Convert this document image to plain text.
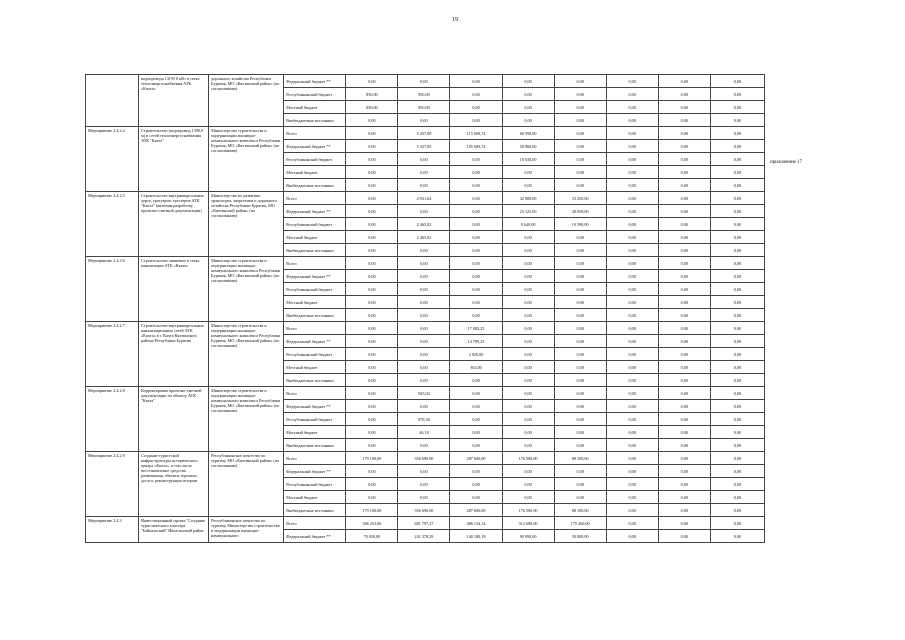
19
приложение 17
	водопровода 13193 0 кВт в сетях теплоэнергоснабжения АТК «Кяхта»	дорожного хозяйства Республики Бурятия, МО «Кяхтинский район» (по согласованию)	Федеральный бюджет **	0,00	0,00	0,00	0,00	0,00	0,00	0,00	0,00
			Республиканский бюджет	850,00	850,00	0,00	0,00	0,00	0,00	0,00	0,00
			Местный бюджет	850,00	850,00	0,00	0,00	0,00	0,00	0,00	0,00
			Внебюджетные источники	0,00	0,00	0,00	0,00	0,00	0,00	0,00	0,00
Мероприятие 2.4.2.4	Строительство (водопровод 1390,0 м) в сетей теплоэнергоснабжения АТК "Кяхта"	Министерство строительства и модернизации жилищно-коммунального комплекса Республики Бурятия, МО «Кяхтинский район» (по согласованию)	Всего	0,00	5 437,00	115 608,74	60 590,00	0,00	0,00	0,00	0,00
			Федеральный бюджет **	0,00	5 437,00	105 609,74	50 960,00	0,00	0,00	0,00	0,00
			Республиканский бюджет	0,00	0,00	0,00	10 630,00	0,00	0,00	0,00	0,00
			Местный бюджет	0,00	0,00	0,00	0,00	0,00	0,00	0,00	0,00
			Внебюджетные источники	0,00	0,00	0,00	0,00	0,00	0,00	0,00	0,00
Мероприятие 2.4.2.5	Строительство внутриквартальных дорог, тротуаров, трестеров АТК "Кяхта" (включая разработку проектно-сметной документации)	Министерство по развитию транспорта, энергетики и дорожного хозяйства Республики Бурятия, МО «Кяхтинский район» (по согласованию)	Всего	0,00	4 931,64	0,00	32 000,00	33 250,00	0,00	0,00	0,00
			Федеральный бюджет **	0,00	0,00	0,00	23 123,00	40 058,00	0,00	0,00	0,00
			Республиканский бюджет	0,00	2 465,82	0,00	9 640,00	10 590,00	0,00	0,00	0,00
			Местный бюджет	0,00	2 465,82	0,00	0,00	0,00	0,00	0,00	0,00
			Внебюджетные источники	0,00	0,00	0,00	0,00	0,00	0,00	0,00	0,00
Мероприятие 2.4.2.6	Строительство ливневых в сетях канализации АТК «Кяхта»	Министерство строительства и модернизации жилищно-коммунального комплекса Республики Бурятия, МО «Кяхтинский район» (по согласованию)	Всего	0,00	0,00	0,00	0,00	0,00	0,00	0,00	0,00
			Федеральный бюджет **	0,00	0,00	0,00	0,00	0,00	0,00	0,00	0,00
			Республиканский бюджет	0,00	0,00	0,00	0,00	0,00	0,00	0,00	0,00
			Местный бюджет	0,00	0,00	0,00	0,00	0,00	0,00	0,00	0,00
			Внебюджетные источники	0,00	0,00	0,00	0,00	0,00	0,00	0,00	0,00
Мероприятие 2.4.2.7	Строительство внутриквартальных канализационных сетей АТК «Кяхта» в г. Кяхта Кяхтинского района Республики Бурятия	Министерство строительства и модернизации жилищно-коммунального комплекса Республики Бурятия, МО «Кяхтинский район» (по согласованию)	Всего	0,00	0,00	17 082,25	0,00	0,00	0,00	0,00	0,00
			Федеральный бюджет **	0,00	0,00	14 799,25	0,00	0,00	0,00	0,00	0,00
			Республиканский бюджет	0,00	0,00	2 920,00	0,00	0,00	0,00	0,00	0,00
			Местный бюджет	0,00	0,00	363,00	0,00	0,00	0,00	0,00	0,00
			Внебюджетные источники	0,00	0,00	0,00	0,00	0,00	0,00	0,00	0,00
Мероприятие 2.4.2.8	Корректировка проектно-сметной документации по объекту АТК "Кяхта"	Министерство строительства и модернизации жилищно-коммунального комплекса Республики Бурятия, МО «Кяхтинский район» (по согласованию)	Всего	0,00	925,04	0,00	0,00	0,00	0,00	0,00	0,00
			Федеральный бюджет **	0,00	0,00	0,00	0,00	0,00	0,00	0,00	0,00
			Республиканский бюджет	0,00	878,38	0,00	0,00	0,00	0,00	0,00	0,00
			Местный бюджет	0,00	46,18	0,00	0,00	0,00	0,00	0,00	0,00
			Внебюджетные источники	0,00	0,00	0,00	0,00	0,00	0,00	0,00	0,00
Мероприятие 2.4.2.9	Создание туристской инфраструктуры исторического центра «Кяхта», в том числе восстановление средства размещения, объекты торговли, досуга, реконструкция истории	Республиканское агентство по туризму, МО «Кяхтинский район» (по согласованию)	Всего	179 100,00	356 690,00	287 600,00	176 500,00	88 100,00	0,00	0,00	0,00
			Федеральный бюджет **	0,00	0,00	0,00	0,00	0,00	0,00	0,00	0,00
			Республиканский бюджет	0,00	0,00	0,00	0,00	0,00	0,00	0,00	0,00
			Местный бюджет	0,00	0,00	0,00	0,00	0,00	0,00	0,00	0,00
			Внебюджетные источники	179 100,00	356 690,00	287 600,00	176 500,00	88 100,00	0,00	0,00	0,00
Мероприятие 2.4.3	Инвестиционный проект "Создание туристического кластера "Байкальский" Иволгинский район	Республиканское агентство по туризму, Министерство строительства и модернизации жилищно-коммунального	Всего	306 253,06	681 797,27	486 134,14	312 680,00	175 260,00	0,00	0,00	0,00
			Федеральный бюджет **	70 030,00	241 378,29	140 180,18	90 090,00	30 000,00	0,00	0,00	0,00
